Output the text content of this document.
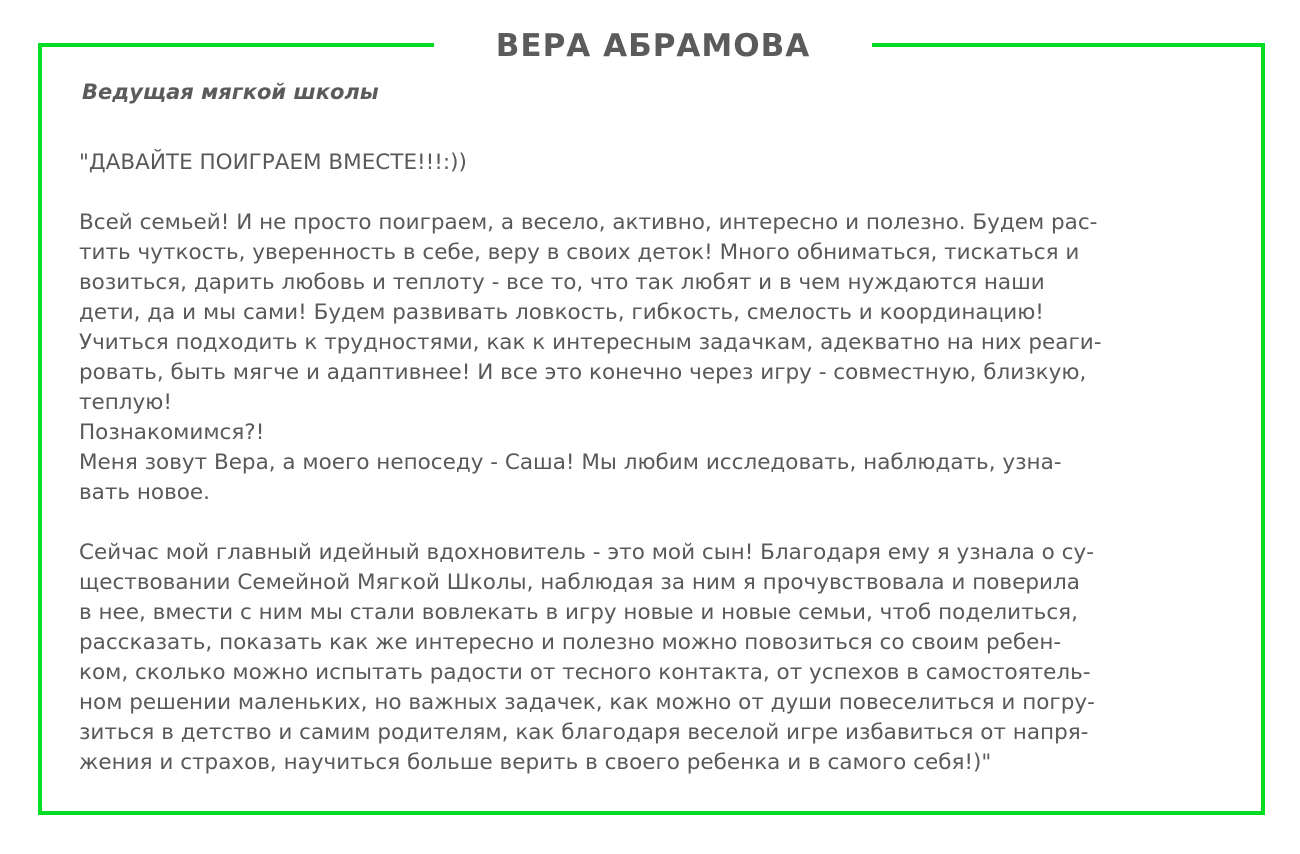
ВЕРА АБРАМОВА

Ведущая мягкой школы

"ДАВАЙТЕ ПОИГРАЕМ ВМЕСТЕ!!!:))
Всей семьей! И не просто поиграем, а весело, активно, интересно и полезно. Будем рас-
тить чуткость, уверенность в себе, веру в своих деток! Много обниматься, тискаться и
возиться, дарить любовь и теплоту - все то, что так любят и в чем нуждаются наши
дети, да и мы сами! Будем развивать ловкость, гибкость, смелость и координацию!
Учиться подходить к трудностями, как к интересным задачкам, адекватно на них реаги-
ровать, быть мягче и адаптивнее! И все это конечно через игру - совместную, близкую,
теплую!
Познакомимся?!
Меня зовут Вера, а моего непоседу - Саша! Мы любим исследовать, наблюдать, узна-
вать новое.
Сейчас мой главный идейный вдохновитель - это мой сын! Благодаря ему я узнала о су-
ществовании Семейной Мягкой Школы, наблюдая за ним я прочувствовала и поверила
в нее, вмести с ним мы стали вовлекать в игру новые и новые семьи, чтоб поделиться,
рассказать, показать как же интересно и полезно можно повозиться со своим ребен-
ком, сколько можно испытать радости от тесного контакта, от успехов в самостоятель-
ном решении маленьких, но важных задачек, как можно от души повеселиться и погру-
зиться в детство и самим родителям, как благодаря веселой игре избавиться от напря-
жения и страхов, научиться больше верить в своего ребенка и в самого себя!)"
